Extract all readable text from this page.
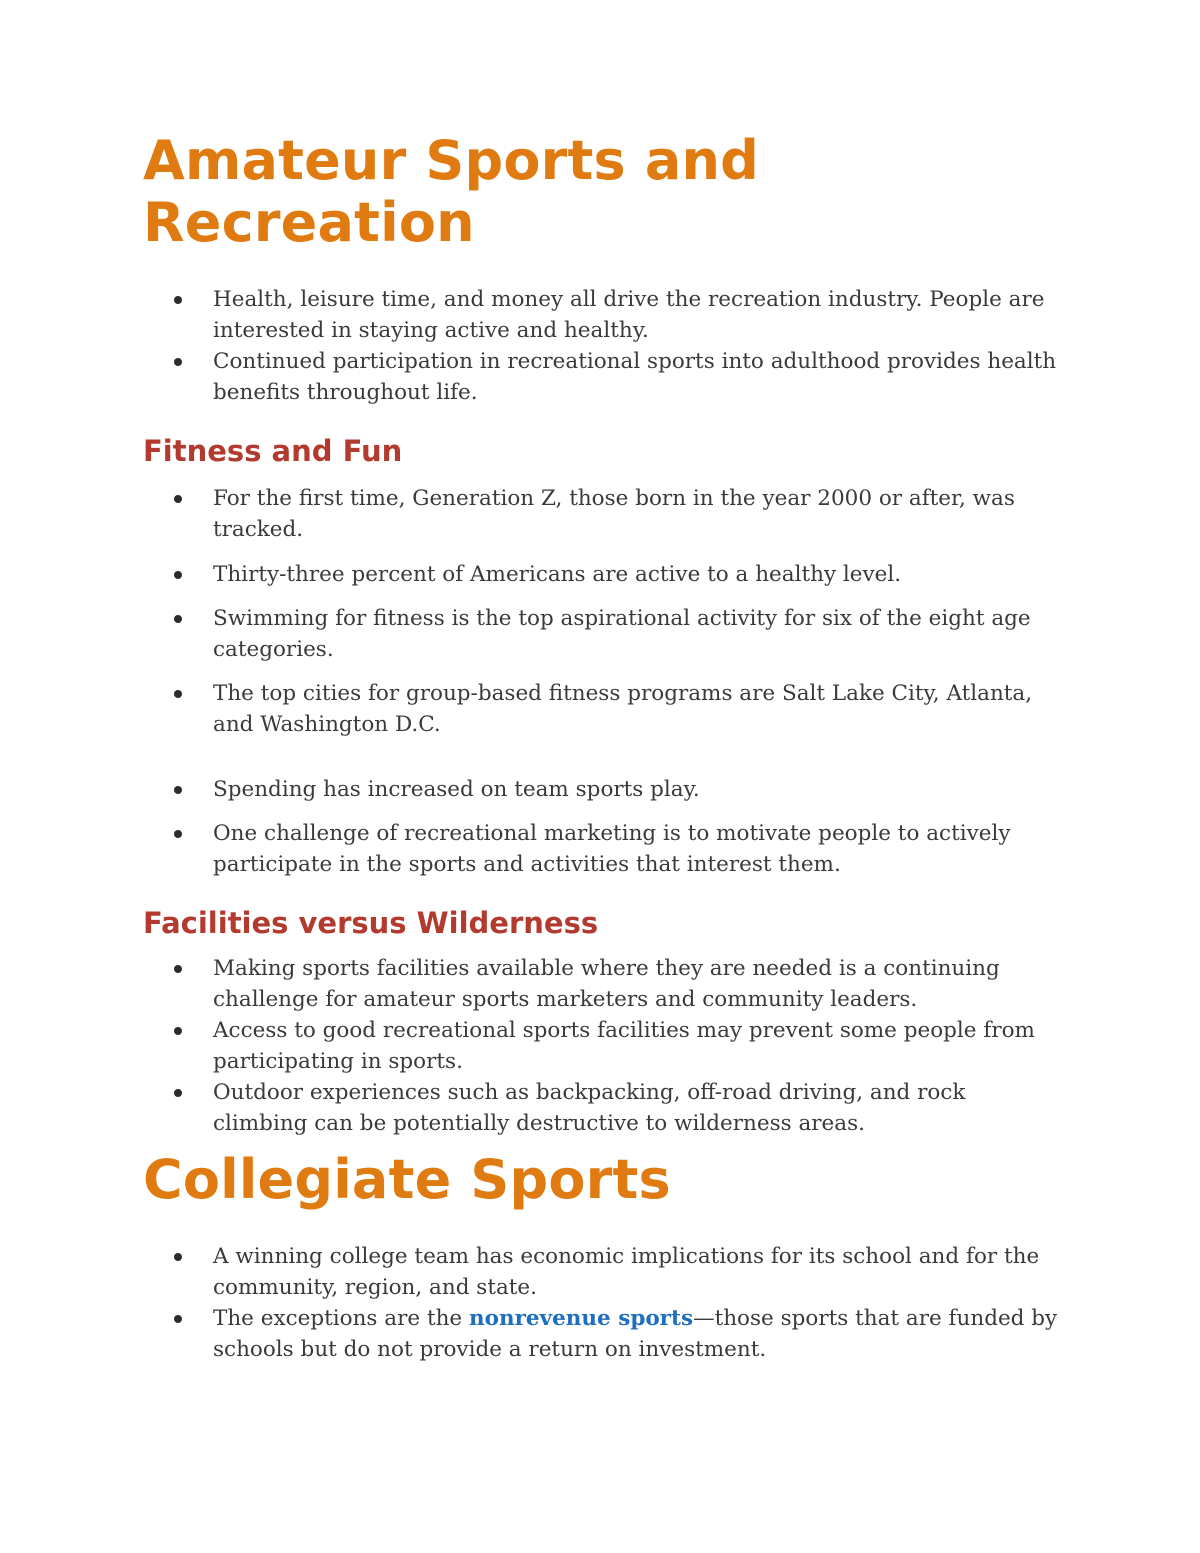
Amateur Sports and
Recreation
Health, leisure time, and money all drive the recreation industry. People are interested in staying active and healthy.
Continued participation in recreational sports into adulthood provides health benefits throughout life.
Fitness and Fun
For the first time, Generation Z, those born in the year 2000 or after, was tracked.
Thirty-three percent of Americans are active to a healthy level.
Swimming for fitness is the top aspirational activity for six of the eight age categories.
The top cities for group-based fitness programs are Salt Lake City, Atlanta, and Washington D.C.
Spending has increased on team sports play.
One challenge of recreational marketing is to motivate people to actively participate in the sports and activities that interest them.
Facilities versus Wilderness
Making sports facilities available where they are needed is a continuing challenge for amateur sports marketers and community leaders.
Access to good recreational sports facilities may prevent some people from participating in sports.
Outdoor experiences such as backpacking, off-road driving, and rock climbing can be potentially destructive to wilderness areas.
Collegiate Sports
A winning college team has economic implications for its school and for the community, region, and state.
The exceptions are the nonrevenue sports—those sports that are funded by schools but do not provide a return on investment.
